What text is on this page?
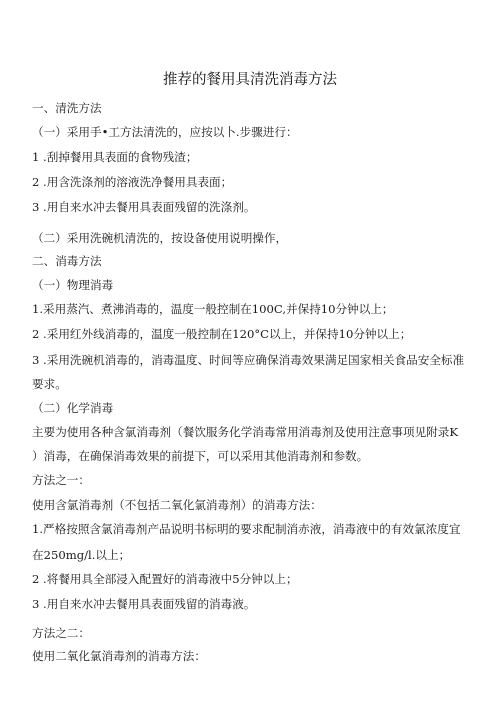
推荐的餐用具清洗消毒方法
一、清洗方法
（一）采用手•工方法清洗的，应按以卜.步骤进行：
1 .刮掉餐用具表面的食物残渣；
2 .用含洗涤剂的溶液洗净餐用具表面；
3 .用自来水冲去餐用具表面残留的洗涤剂。
（二）采用洗碗机清洗的，按设备使用说明操作，
二、消毒方法
（一）物理消毒
1.采用蒸汽、煮沸消毒的，温度一般控制在100C,并保持10分钟以上；
2 .采用红外线消毒的，温度一般控制在120°C以上，并保持10分钟以上；
3 .采用洗碗机消毒的，消毒温度、时间等应确保消毒效果满足国家相关食品安全标准
要求。
（二）化学消毒
主要为使用各种含氯消毒剂（餐饮服务化学消毒常用消毒剂及使用注意事项见附录K
）消毒，在确保消毒效果的前提下，可以采用其他消毒剂和参数。
方法之一：
使用含氯消毒剂（不包括二氧化氯消毒剂）的消毒方法：
1.严格按照含氯消毒剂产品说明书标明的要求配制消赤液，消毒液中的有效氯浓度宜
在250mg/l.以上；
2 .将餐用具全部浸入配置好的消毒液中5分钟以上；
3 .用自来水冲去餐用具表面残留的消毒液。
方法之二：
使用二氧化氯消毒剂的消毒方法：
